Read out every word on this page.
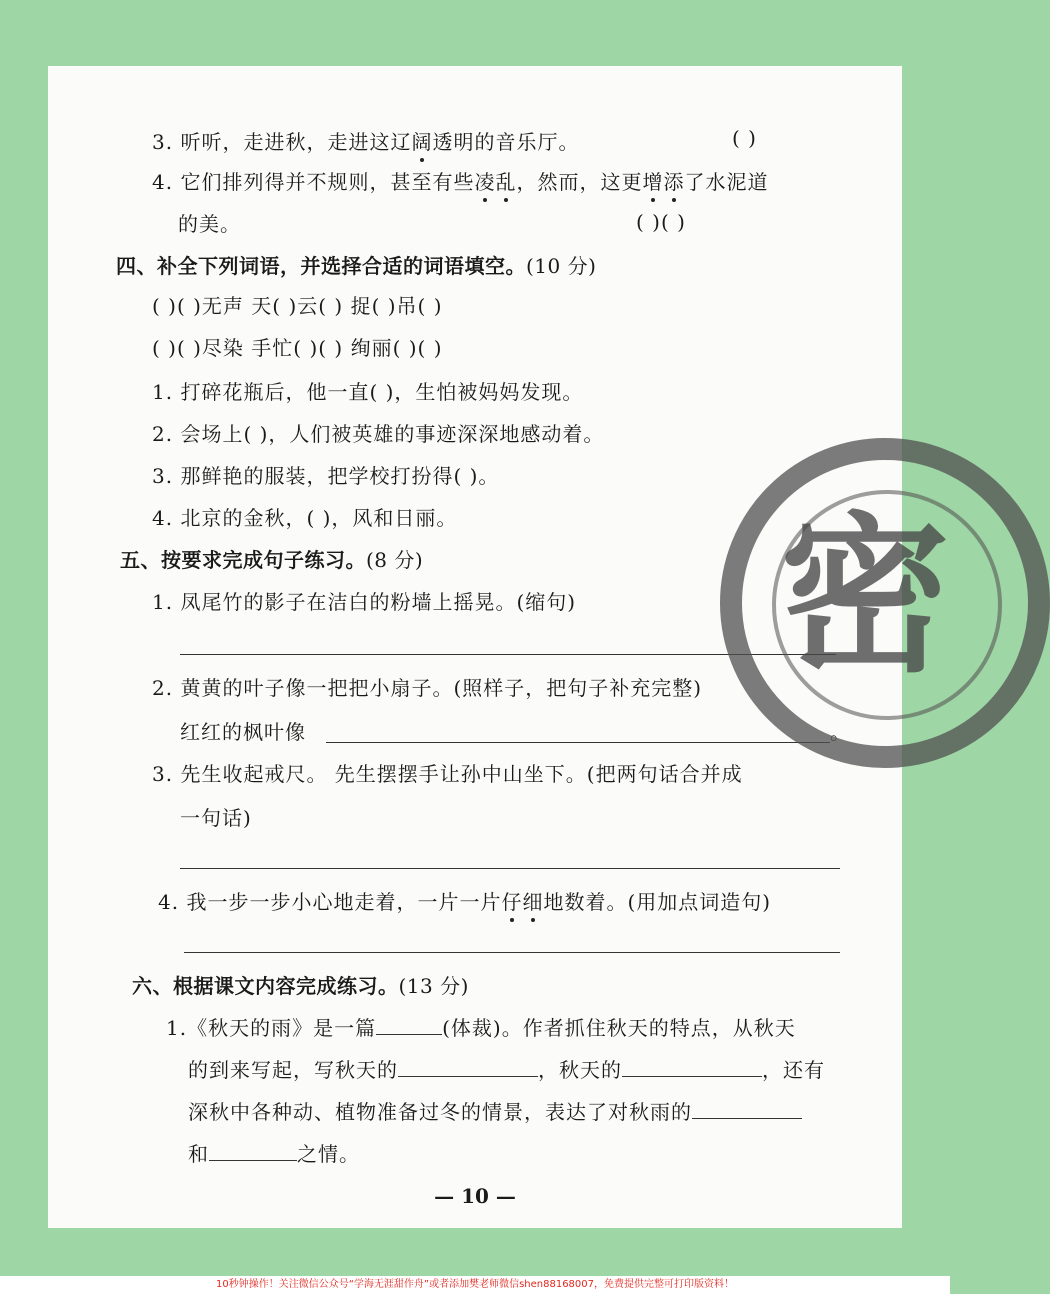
3. 听听，走进秋，走进这辽阔透明的音乐厅。	( )
4. 它们排列得并不规则，甚至有些凌乱，然而，这更增添了水泥道
的美。	( )( )
四、补全下列词语，并选择合适的词语填空。(10 分)
( )( )无声 天( )云( ) 捉( )吊( )
( )( )尽染 手忙( )( ) 绚丽( )( )
1. 打碎花瓶后，他一直( )，生怕被妈妈发现。
2. 会场上( )，人们被英雄的事迹深深地感动着。
3. 那鲜艳的服装，把学校打扮得( )。
4. 北京的金秋，( )，风和日丽。
五、按要求完成句子练习。(8 分)
1. 凤尾竹的影子在洁白的粉墙上摇晃。(缩句)
2. 黄黄的叶子像一把把小扇子。(照样子，把句子补充完整)
红红的枫叶像	。
3. 先生收起戒尺。 先生摆摆手让孙中山坐下。(把两句话合并成
一句话)
4. 我一步一步小心地走着，一片一片仔细地数着。(用加点词造句)
六、根据课文内容完成练习。(13 分)
1.《秋天的雨》是一篇	(体裁)。作者抓住秋天的特点，从秋天
的到来写起，写秋天的	，秋天的	，还有
深秋中各种动、植物准备过冬的情景，表达了对秋雨的
和	之情。
密
— 10 —
10秒钟操作！关注微信公众号“学海无涯甜作舟”或者添加樊老师微信shen88168007，免费提供完整可打印版资料！
